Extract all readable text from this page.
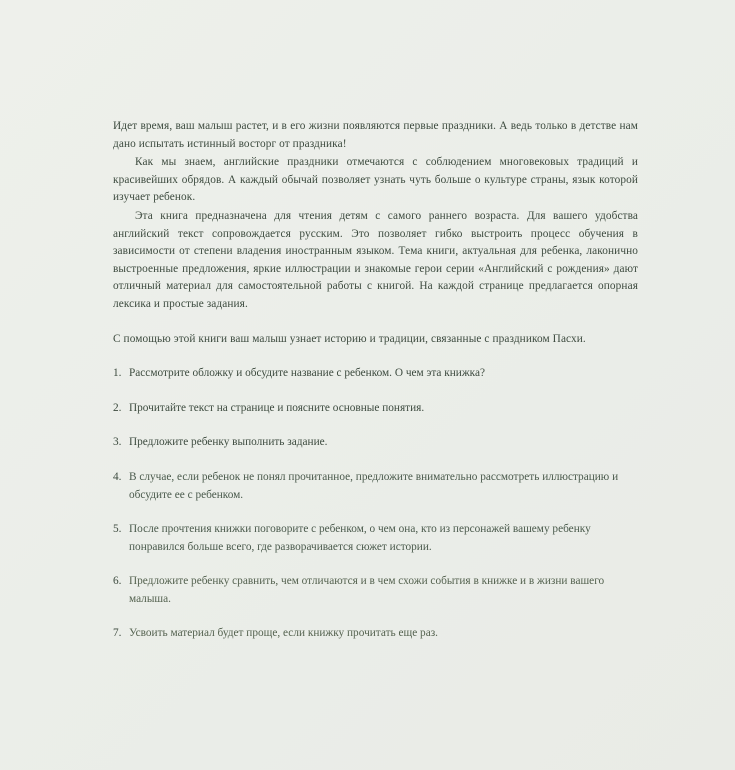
Идет время, ваш малыш растет, и в его жизни появляются первые праздники. А ведь только в детстве нам дано испытать истинный восторг от праздника!

Как мы знаем, английские праздники отмечаются с соблюдением многовековых традиций и красивейших обрядов. А каждый обычай позволяет узнать чуть больше о культуре страны, язык которой изучает ребенок.

Эта книга предназначена для чтения детям с самого раннего возраста. Для вашего удобства английский текст сопровождается русским. Это позволяет гибко выстроить процесс обучения в зависимости от степени владения иностранным языком. Тема книги, актуальная для ребенка, лаконично выстроенные предложения, яркие иллюстрации и знакомые герои серии «Английский с рождения» дают отличный материал для самостоятельной работы с книгой. На каждой странице предлагается опорная лексика и простые задания.

С помощью этой книги ваш малыш узнает историю и традиции, связанные с праздником Пасхи.

1. Рассмотрите обложку и обсудите название с ребенком. О чем эта книжка?
2. Прочитайте текст на странице и поясните основные понятия.
3. Предложите ребенку выполнить задание.
4. В случае, если ребенок не понял прочитанное, предложите внимательно рассмотреть иллюстрацию и обсудите ее с ребенком.
5. После прочтения книжки поговорите с ребенком, о чем она, кто из персонажей вашему ребенку понравился больше всего, где разворачивается сюжет истории.
6. Предложите ребенку сравнить, чем отличаются и в чем схожи события в книжке и в жизни вашего малыша.
7. Усвоить материал будет проще, если книжку прочитать еще раз.
